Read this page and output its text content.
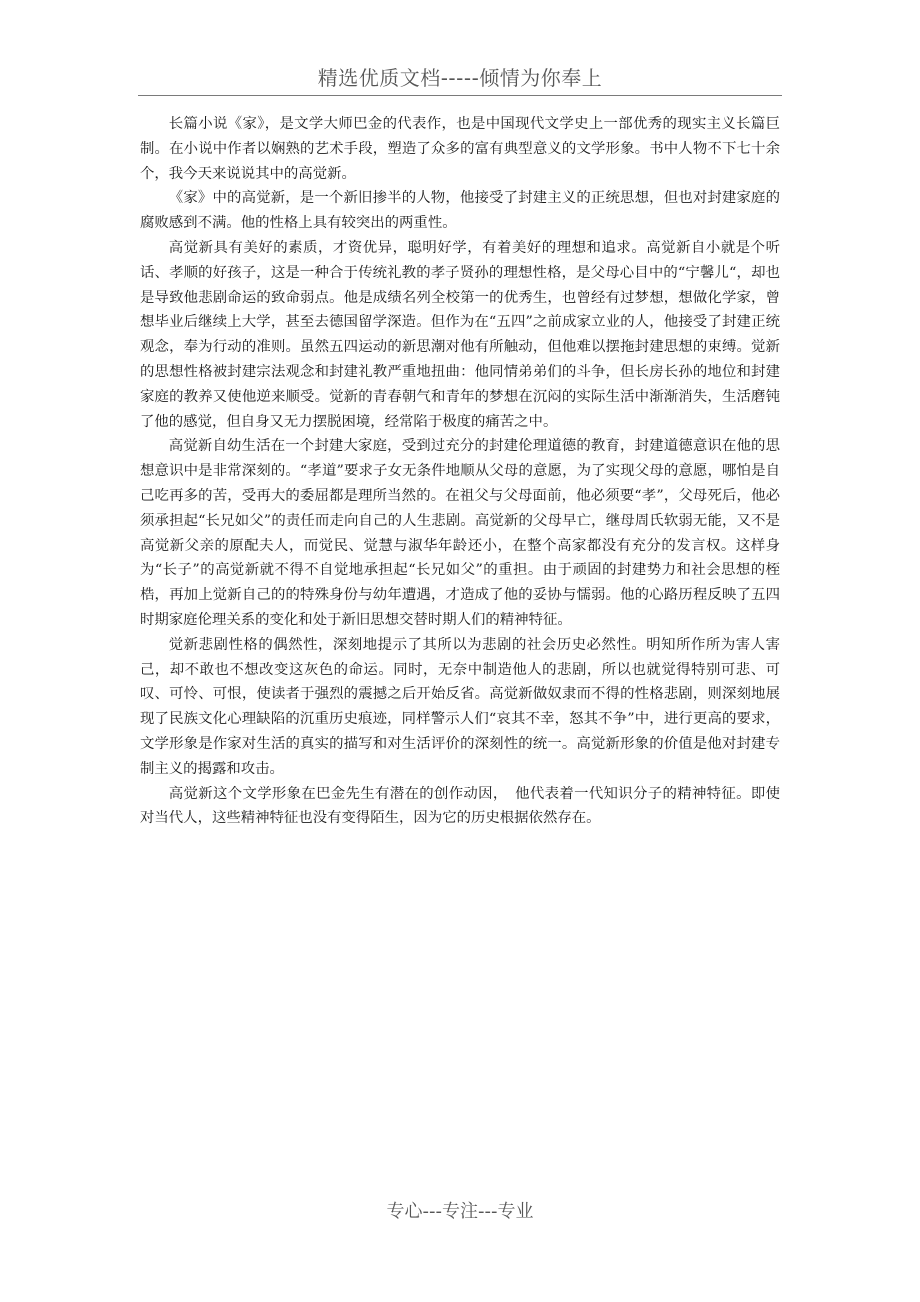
精选优质文档-----倾情为你奉上

长篇小说《家》，是文学大师巴金的代表作，也是中国现代文学史上一部优秀的现实主义长篇巨制。在小说中作者以娴熟的艺术手段，塑造了众多的富有典型意义的文学形象。书中人物不下七十余个，我今天来说说其中的高觉新。

《家》中的高觉新，是一个新旧掺半的人物，他接受了封建主义的正统思想，但也对封建家庭的腐败感到不满。他的性格上具有较突出的两重性。

高觉新具有美好的素质，才资优异，聪明好学，有着美好的理想和追求。高觉新自小就是个听话、孝顺的好孩子，这是一种合于传统礼教的孝子贤孙的理想性格，是父母心目中的“宁馨儿“，却也是导致他悲剧命运的致命弱点。他是成绩名列全校第一的优秀生，也曾经有过梦想，想做化学家，曾想毕业后继续上大学，甚至去德国留学深造。但作为在“五四”之前成家立业的人，他接受了封建正统观念，奉为行动的准则。虽然五四运动的新思潮对他有所触动，但他难以摆拖封建思想的束缚。觉新的思想性格被封建宗法观念和封建礼教严重地扭曲：他同情弟弟们的斗争，但长房长孙的地位和封建家庭的教养又使他逆来顺受。觉新的青春朝气和青年的梦想在沉闷的实际生活中渐渐消失，生活磨钝了他的感觉，但自身又无力摆脱困境，经常陷于极度的痛苦之中。

高觉新自幼生活在一个封建大家庭，受到过充分的封建伦理道德的教育，封建道德意识在他的思想意识中是非常深刻的。“孝道”要求子女无条件地顺从父母的意愿，为了实现父母的意愿，哪怕是自己吃再多的苦，受再大的委屈都是理所当然的。在祖父与父母面前，他必须要“孝”，父母死后，他必须承担起“长兄如父”的责任而走向自己的人生悲剧。高觉新的父母早亡，继母周氏软弱无能，又不是高觉新父亲的原配夫人，而觉民、觉慧与淑华年龄还小，在整个高家都没有充分的发言权。这样身为“长子”的高觉新就不得不自觉地承担起“长兄如父”的重担。由于顽固的封建势力和社会思想的桎梏，再加上觉新自己的的特殊身份与幼年遭遇，才造成了他的妥协与懦弱。他的心路历程反映了五四时期家庭伦理关系的变化和处于新旧思想交替时期人们的精神特征。

觉新悲剧性格的偶然性，深刻地提示了其所以为悲剧的社会历史必然性。明知所作所为害人害己，却不敢也不想改变这灰色的命运。同时，无奈中制造他人的悲剧，所以也就觉得特别可悲、可叹、可怜、可恨，使读者于强烈的震撼之后开始反省。高觉新做奴隶而不得的性格悲剧，则深刻地展现了民族文化心理缺陷的沉重历史痕迹，同样警示人们“哀其不幸，怒其不争”中，进行更高的要求，文学形象是作家对生活的真实的描写和对生活评价的深刻性的统一。高觉新形象的价值是他对封建专制主义的揭露和攻击。

高觉新这个文学形象在巴金先生有潜在的创作动因，　他代表着一代知识分子的精神特征。即使对当代人，这些精神特征也没有变得陌生，因为它的历史根据依然存在。

专心---专注---专业
